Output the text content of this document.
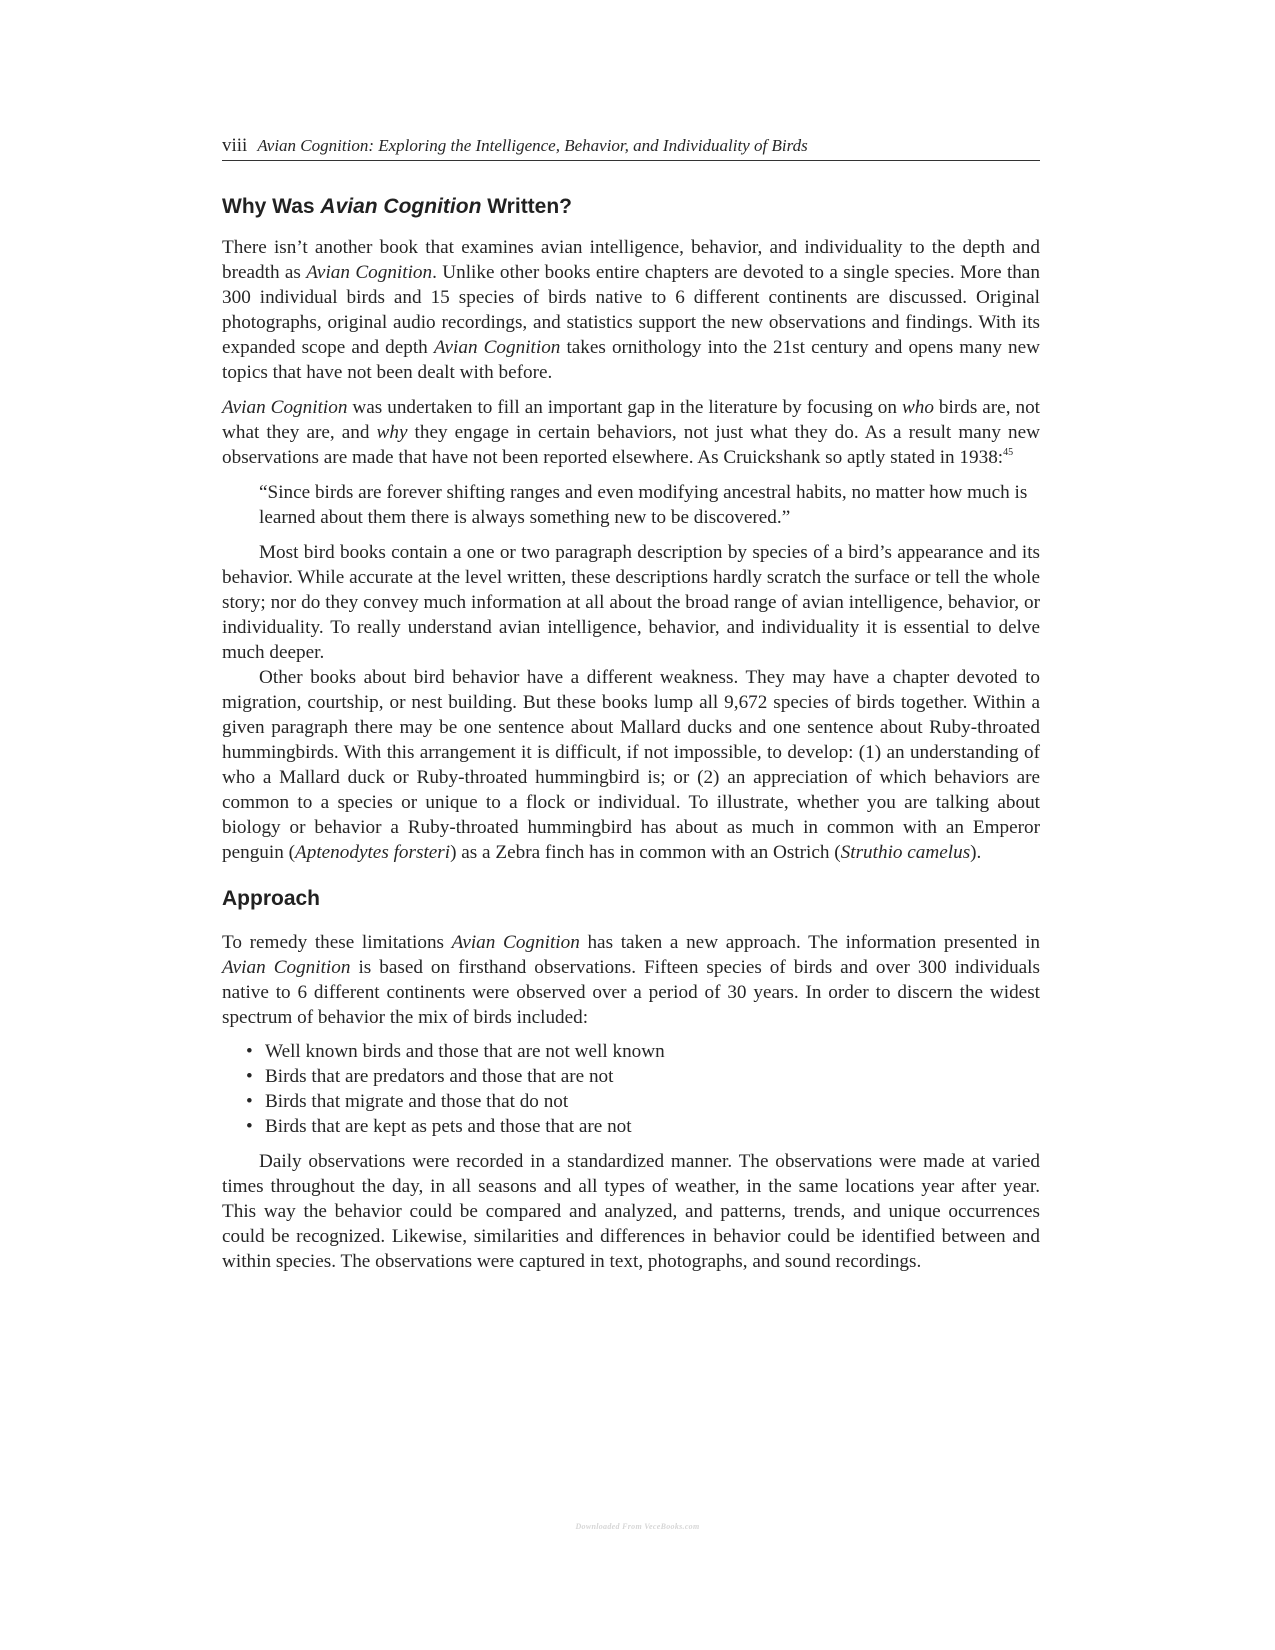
viii Avian Cognition: Exploring the Intelligence, Behavior, and Individuality of Birds
Why Was Avian Cognition Written?

There isn’t another book that examines avian intelligence, behavior, and individuality to the depth and breadth as Avian Cognition. Unlike other books entire chapters are devoted to a single species. More than 300 individual birds and 15 species of birds native to 6 different continents are discussed. Original photographs, original audio recordings, and statistics support the new observations and findings. With its expanded scope and depth Avian Cognition takes ornithology into the 21st century and opens many new topics that have not been dealt with before.

Avian Cognition was undertaken to fill an important gap in the literature by focusing on who birds are, not what they are, and why they engage in certain behaviors, not just what they do. As a result many new observations are made that have not been reported elsewhere. As Cruickshank so aptly stated in 1938:$^{45}$

“Since birds are forever shifting ranges and even modifying ancestral habits, no matter how much is learned about them there is always something new to be discovered.”

Most bird books contain a one or two paragraph description by species of a bird’s appearance and its behavior. While accurate at the level written, these descriptions hardly scratch the surface or tell the whole story; nor do they convey much information at all about the broad range of avian intelligence, behavior, or individuality. To really understand avian intelligence, behavior, and individuality it is essential to delve much deeper.

Other books about bird behavior have a different weakness. They may have a chapter devoted to migration, courtship, or nest building. But these books lump all 9,672 species of birds together. Within a given paragraph there may be one sentence about Mallard ducks and one sentence about Ruby-throated hummingbirds. With this arrangement it is difficult, if not impossible, to develop: (1) an understanding of who a Mallard duck or Ruby-throated hummingbird is; or (2) an appreciation of which behaviors are common to a species or unique to a flock or individual. To illustrate, whether you are talking about biology or behavior a Ruby-throated hummingbird has about as much in common with an Emperor penguin (Aptenodytes forsteri) as a Zebra finch has in common with an Ostrich (Struthio camelus).

Approach

To remedy these limitations Avian Cognition has taken a new approach. The information presented in Avian Cognition is based on firsthand observations. Fifteen species of birds and over 300 individuals native to 6 different continents were observed over a period of 30 years. In order to discern the widest spectrum of behavior the mix of birds included:

• Well known birds and those that are not well known
• Birds that are predators and those that are not
• Birds that migrate and those that do not
• Birds that are kept as pets and those that are not

Daily observations were recorded in a standardized manner. The observations were made at varied times throughout the day, in all seasons and all types of weather, in the same locations year after year. This way the behavior could be compared and analyzed, and patterns, trends, and unique occurrences could be recognized. Likewise, similarities and differences in behavior could be identified between and within species. The observations were captured in text, photographs, and sound recordings.

Downloaded From VeceBooks.com
